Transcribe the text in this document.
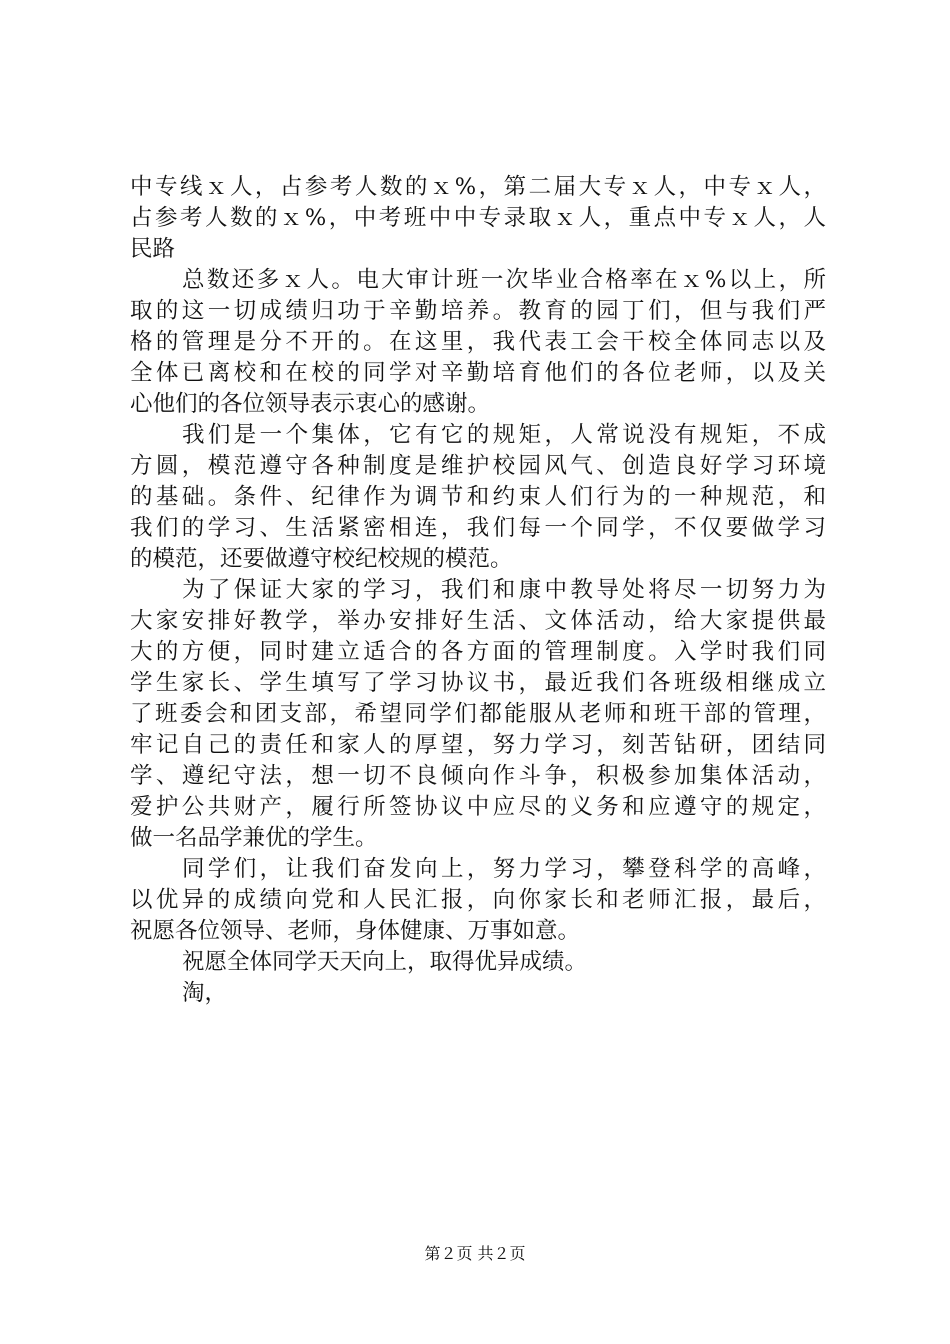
中专线ｘ人，占参考人数的ｘ%，第二届大专ｘ人，中专ｘ人，
占参考人数的ｘ%，中考班中中专录取ｘ人，重点中专ｘ人，人
民路
总数还多ｘ人。电大审计班一次毕业合格率在ｘ%以上，所
取的这一切成绩归功于辛勤培养。教育的园丁们，但与我们严
格的管理是分不开的。在这里，我代表工会干校全体同志以及
全体已离校和在校的同学对辛勤培育他们的各位老师，以及关
心他们的各位领导表示衷心的感谢。
我们是一个集体，它有它的规矩，人常说没有规矩，不成
方圆，模范遵守各种制度是维护校园风气、创造良好学习环境
的基础。条件、纪律作为调节和约束人们行为的一种规范，和
我们的学习、生活紧密相连，我们每一个同学，不仅要做学习
的模范，还要做遵守校纪校规的模范。
为了保证大家的学习，我们和康中教导处将尽一切努力为
大家安排好教学，举办安排好生活、文体活动，给大家提供最
大的方便，同时建立适合的各方面的管理制度。入学时我们同
学生家长、学生填写了学习协议书，最近我们各班级相继成立
了班委会和团支部，希望同学们都能服从老师和班干部的管理，
牢记自己的责任和家人的厚望，努力学习，刻苦钻研，团结同
学、遵纪守法，想一切不良倾向作斗争，积极参加集体活动，
爱护公共财产，履行所签协议中应尽的义务和应遵守的规定，
做一名品学兼优的学生。
同学们，让我们奋发向上，努力学习，攀登科学的高峰，
以优异的成绩向党和人民汇报，向你家长和老师汇报，最后，
祝愿各位领导、老师，身体健康、万事如意。
祝愿全体同学天天向上，取得优异成绩。
淘，
第２页 共２页
